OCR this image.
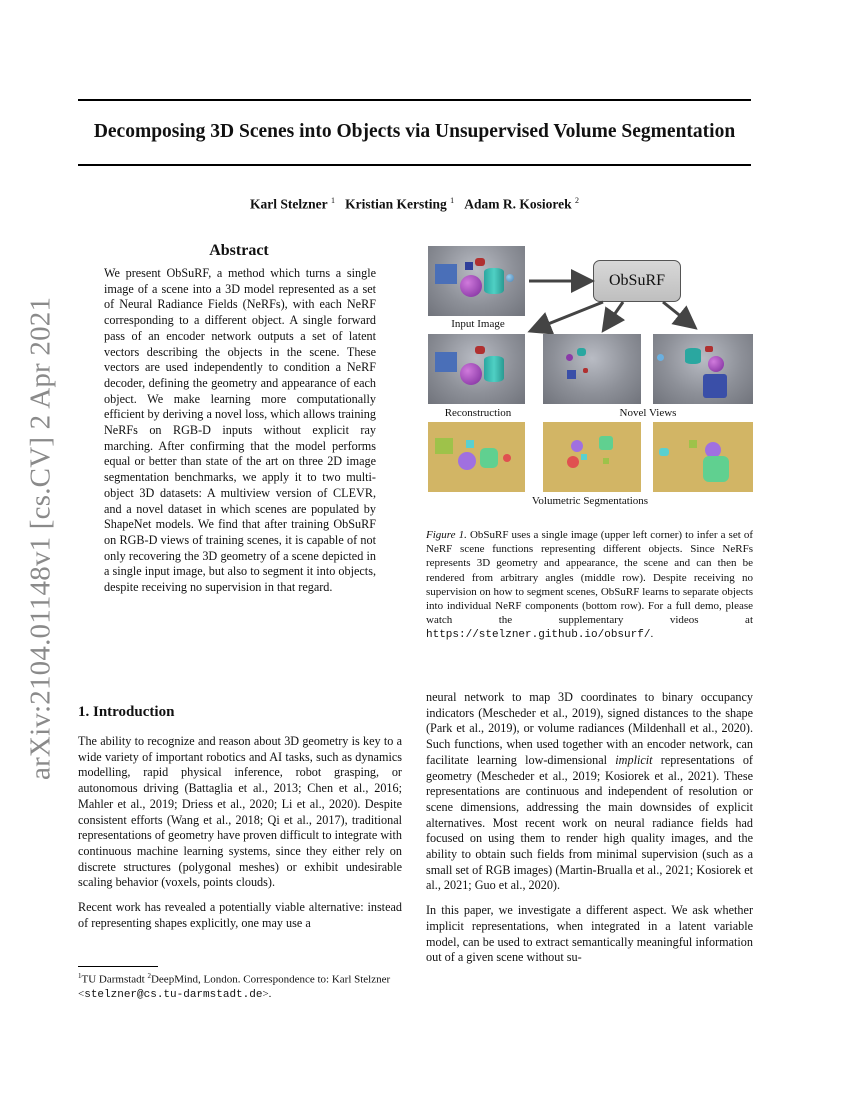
arXiv:2104.01148v1 [cs.CV] 2 Apr 2021
Decomposing 3D Scenes into Objects via Unsupervised Volume Segmentation
Karl Stelzner $^1$ Kristian Kersting $^1$ Adam R. Kosiorek $^2$
Abstract

We present ObSuRF, a method which turns a single image of a scene into a 3D model represented as a set of Neural Radiance Fields (NeRFs), with each NeRF corresponding to a different object. A single forward pass of an encoder network outputs a set of latent vectors describing the objects in the scene. These vectors are used independently to condition a NeRF decoder, defining the geometry and appearance of each object. We make learning more computationally efficient by deriving a novel loss, which allows training NeRFs on RGB-D inputs without explicit ray marching. After confirming that the model performs equal or better than state of the art on three 2D image segmentation benchmarks, we apply it to two multi-object 3D datasets: A multiview version of CLEVR, and a novel dataset in which scenes are populated by ShapeNet models. We find that after training ObSuRF on RGB-D views of training scenes, it is capable of not only recovering the 3D geometry of a scene depicted in a single input image, but also to segment it into objects, despite receiving no supervision in that regard.

Input Image
ObSuRF
Reconstruction	Novel Views
Volumetric Segmentations

Figure 1. ObSuRF uses a single image (upper left corner) to infer a set of NeRF scene functions representing different objects. Since NeRFs represents 3D geometry and appearance, the scene and can then be rendered from arbitrary angles (middle row). Despite receiving no supervision on how to segment scenes, ObSuRF learns to separate objects into individual NeRF components (bottom row). For a full demo, please watch the supplementary videos at https://stelzner.github.io/obsurf/.

1. Introduction

The ability to recognize and reason about 3D geometry is key to a wide variety of important robotics and AI tasks, such as dynamics modelling, rapid physical inference, robot grasping, or autonomous driving (Battaglia et al., 2013; Chen et al., 2016; Mahler et al., 2019; Driess et al., 2020; Li et al., 2020). Despite consistent efforts (Wang et al., 2018; Qi et al., 2017), traditional representations of geometry have proven difficult to integrate with continuous machine learning systems, since they either rely on discrete structures (polygonal meshes) or exhibit undesirable scaling behavior (voxels, points clouds).

Recent work has revealed a potentially viable alternative: instead of representing shapes explicitly, one may use a

neural network to map 3D coordinates to binary occupancy indicators (Mescheder et al., 2019), signed distances to the shape (Park et al., 2019), or volume radiances (Mildenhall et al., 2020). Such functions, when used together with an encoder network, can facilitate learning low-dimensional implicit representations of geometry (Mescheder et al., 2019; Kosiorek et al., 2021). These representations are continuous and independent of resolution or scene dimensions, addressing the main downsides of explicit alternatives. Most recent work on neural radiance fields had focused on using them to render high quality images, and the ability to obtain such fields from minimal supervision (such as a small set of RGB images) (Martin-Brualla et al., 2021; Kosiorek et al., 2021; Guo et al., 2020).

In this paper, we investigate a different aspect. We ask whether implicit representations, when integrated in a latent variable model, can be used to extract semantically meaningful information out of a given scene without su-

$^1$TU Darmstadt $^2$DeepMind, London. Correspondence to: Karl Stelzner <stelzner@cs.tu-darmstadt.de>.
